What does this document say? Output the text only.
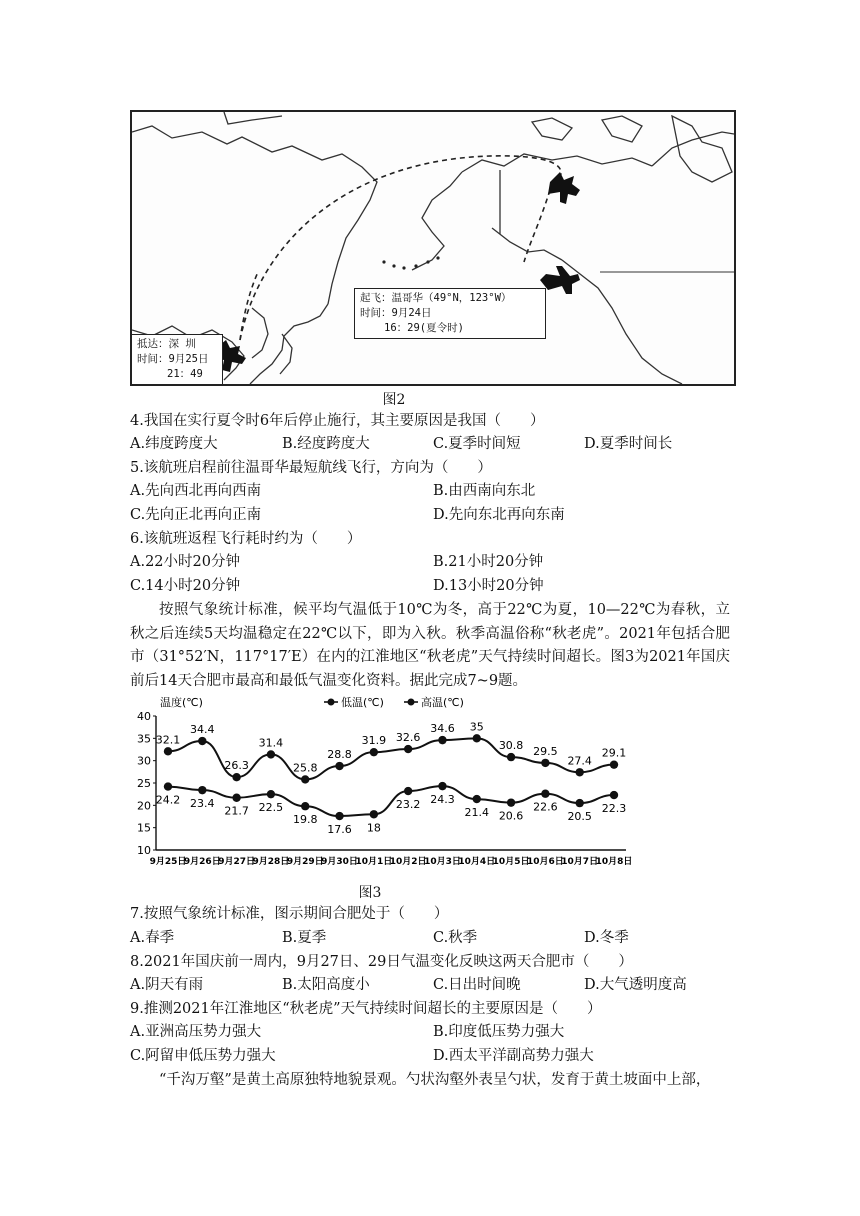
起飞：温哥华（49°N，123°W）
时间：9月24日
16：29(夏令时)
抵达：深 圳
时间：9月25日
21：49
图2
4.我国在实行夏令时6年后停止施行，其主要原因是我国（　　）
A.纬度跨度大	B.经度跨度大	C.夏季时间短	D.夏季时间长
5.该航班启程前往温哥华最短航线飞行，方向为（　　）
A.先向西北再向西南	B.由西南向东北
C.先向正北再向正南	D.先向东北再向东南
6.该航班返程飞行耗时约为（　　）
A.22小时20分钟	B.21小时20分钟
C.14小时20分钟	D.13小时20分钟
按照气象统计标准，候平均气温低于10℃为冬，高于22℃为夏，10—22℃为春秋，立秋之后连续5天均温稳定在22℃以下，即为入秋。秋季高温俗称“秋老虎”。2021年包括合肥市（31°52′N，117°17′E）在内的江淮地区“秋老虎”天气持续时间超长。图3为2021年国庆前后14天合肥市最高和最低气温变化资料。据此完成7~9题。
温度(℃)
10
15
20
25
30
35
40
9月25日
9月26日
9月27日
9月28日
9月29日
9月30日
10月1日
10月2日
10月3日
10月4日
10月5日
10月6日
10月7日
10月8日
低温(℃)	高温(℃)
24.2 23.4
21.7 22.5
19.8
17.6 18
23.2 24.3
21.4 20.6
22.6
20.5
22.3
32.1
34.4
26.3
31.4
25.8
28.8
31.9 32.6
34.6 35
30.8 29.5
27.4
29.1
图3
7.按照气象统计标准，图示期间合肥处于（　　）
A.春季	B.夏季	C.秋季	D.冬季
8.2021年国庆前一周内，9月27日、29日气温变化反映这两天合肥市（　　）
A.阴天有雨	B.太阳高度小	C.日出时间晚	D.大气透明度高
9.推测2021年江淮地区“秋老虎”天气持续时间超长的主要原因是（　　）
A.亚洲高压势力强大	B.印度低压势力强大
C.阿留申低压势力强大	D.西太平洋副高势力强大
“千沟万壑”是黄土高原独特地貌景观。勺状沟壑外表呈勺状，发育于黄土坡面中上部，
